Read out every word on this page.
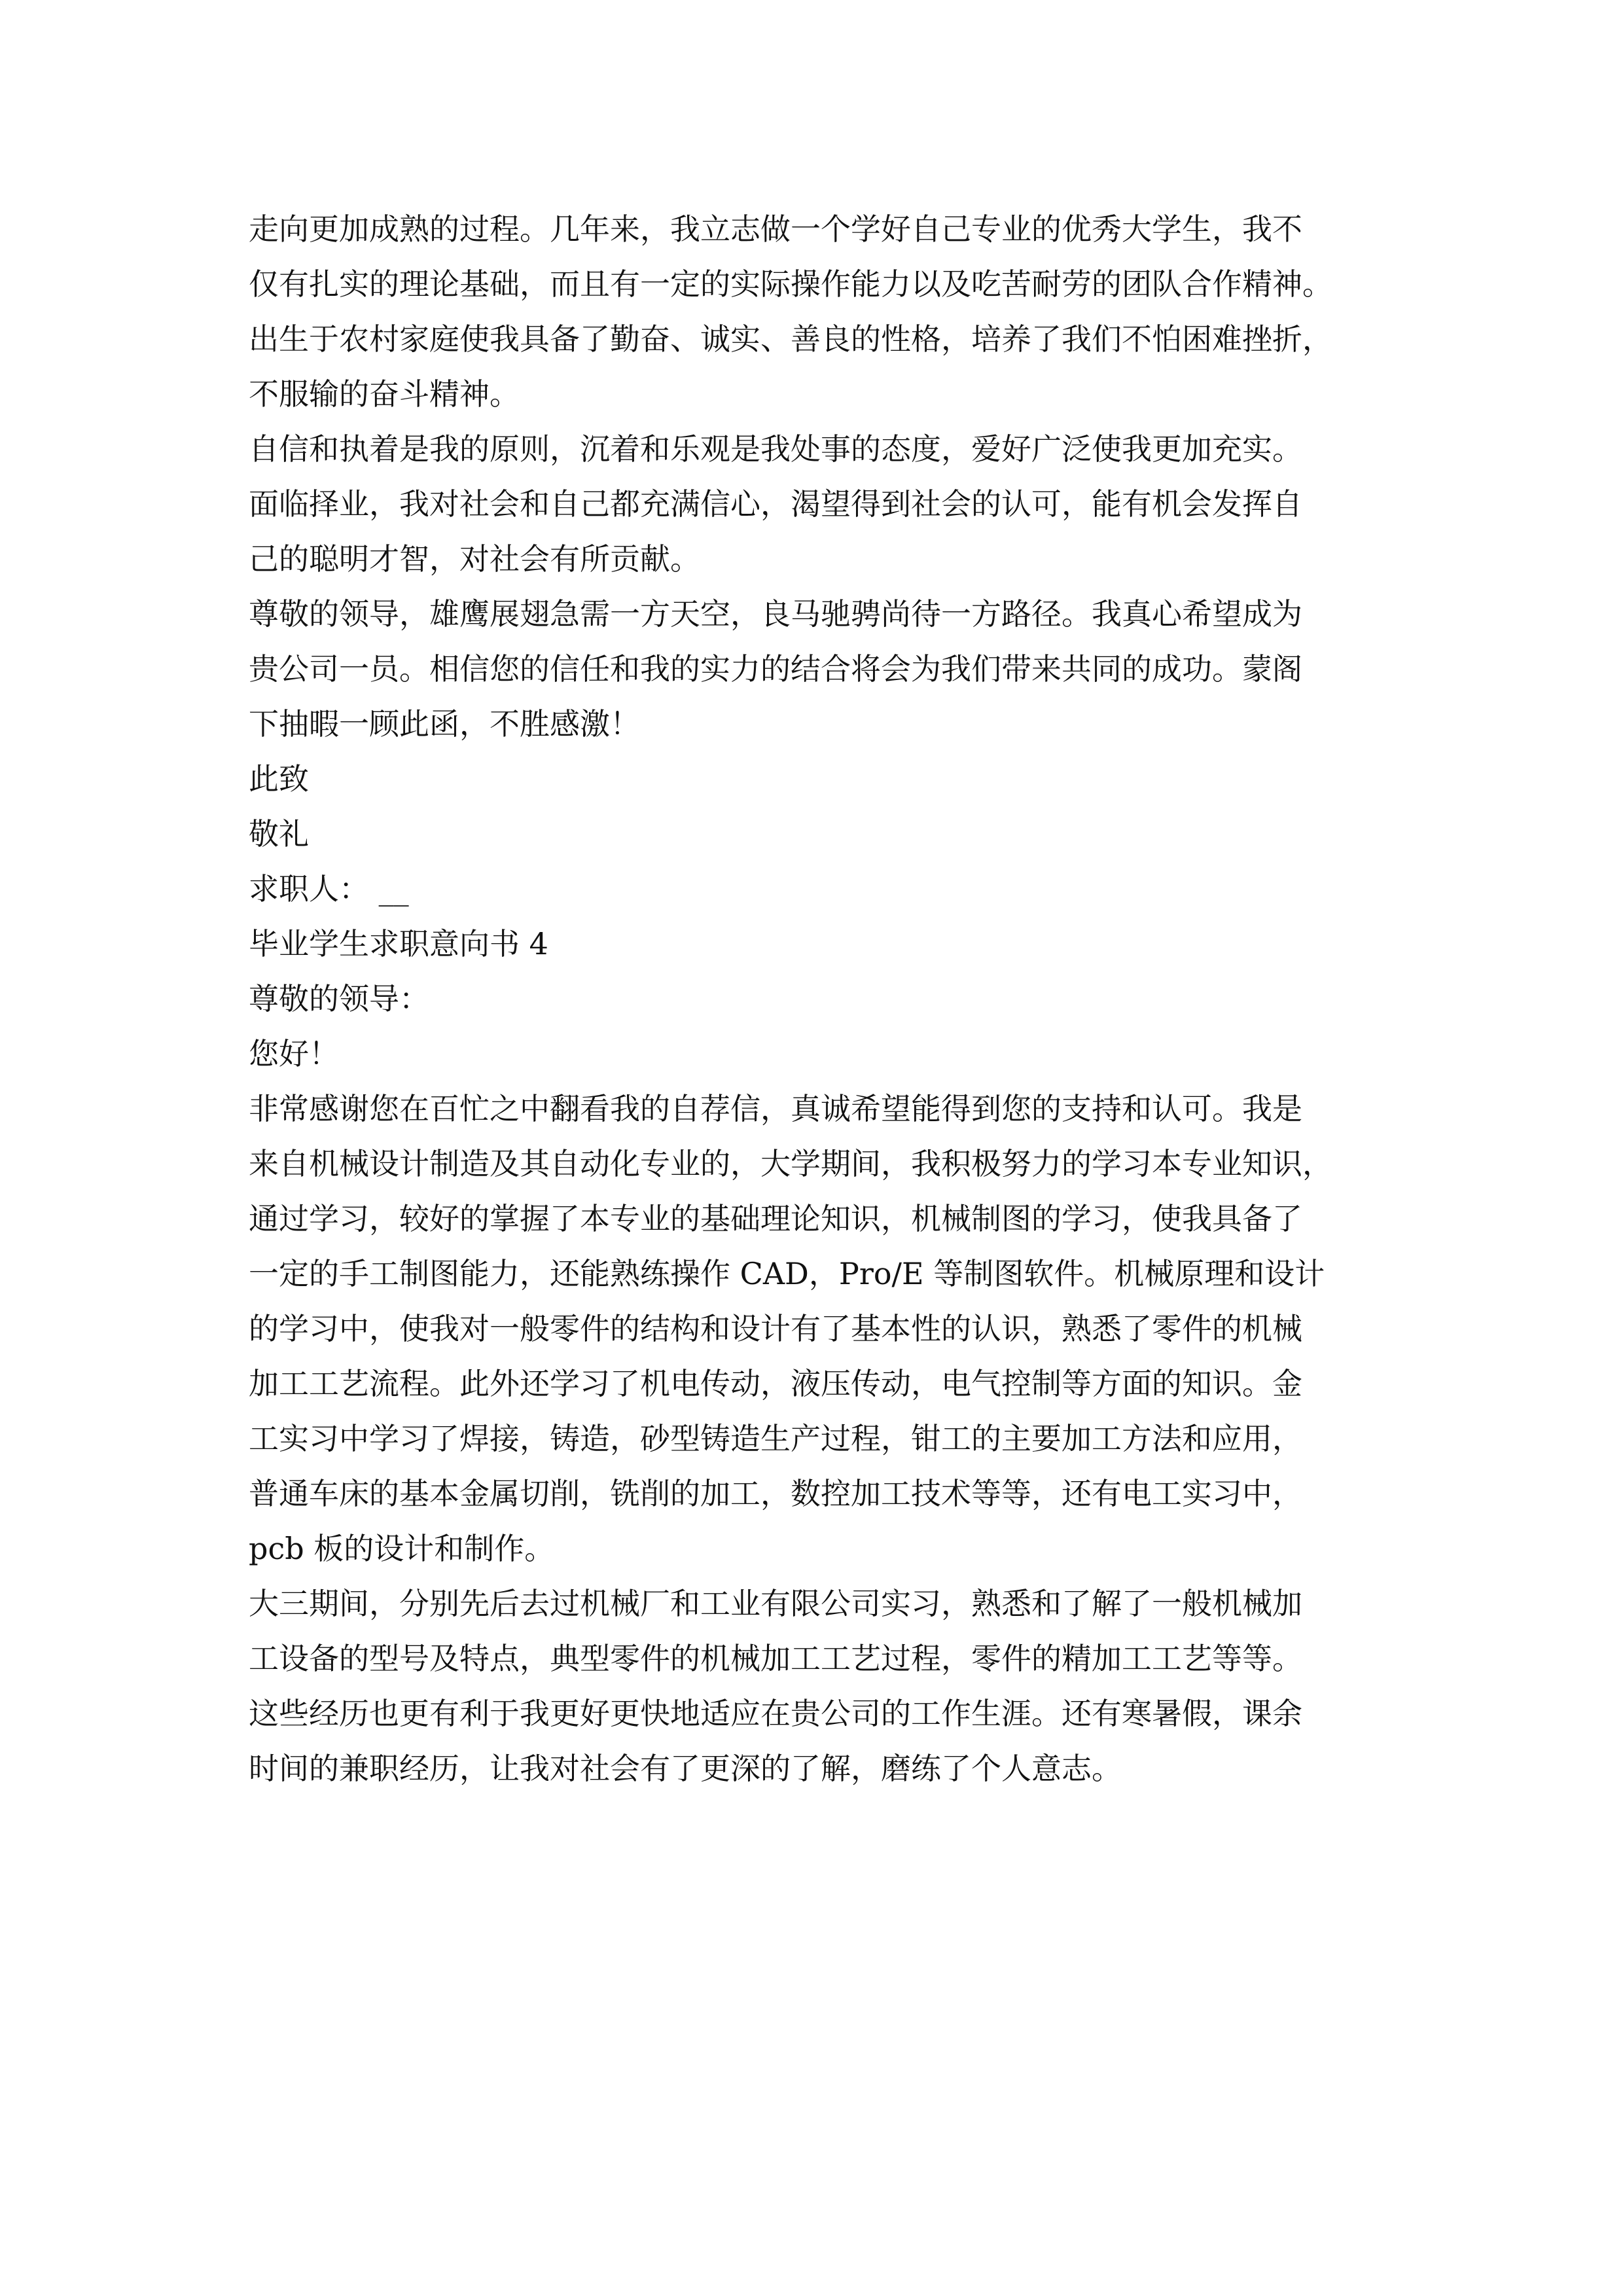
走向更加成熟的过程。几年来，我立志做一个学好自己专业的优秀大学生，我不
仅有扎实的理论基础，而且有一定的实际操作能力以及吃苦耐劳的团队合作精神。
出生于农村家庭使我具备了勤奋、诚实、善良的性格，培养了我们不怕困难挫折，
不服输的奋斗精神。
自信和执着是我的原则，沉着和乐观是我处事的态度，爱好广泛使我更加充实。
面临择业，我对社会和自己都充满信心，渴望得到社会的认可，能有机会发挥自
己的聪明才智，对社会有所贡献。
尊敬的领导，雄鹰展翅急需一方天空，良马驰骋尚待一方路径。我真心希望成为
贵公司一员。相信您的信任和我的实力的结合将会为我们带来共同的成功。蒙阁
下抽暇一顾此函，不胜感激！
此致
敬礼
求职人： __
毕业学生求职意向书 4
尊敬的领导：
您好！
非常感谢您在百忙之中翻看我的自荐信，真诚希望能得到您的支持和认可。我是
来自机械设计制造及其自动化专业的，大学期间，我积极努力的学习本专业知识，
通过学习，较好的掌握了本专业的基础理论知识，机械制图的学习，使我具备了
一定的手工制图能力，还能熟练操作 CAD，Pro/E 等制图软件。机械原理和设计
的学习中，使我对一般零件的结构和设计有了基本性的认识，熟悉了零件的机械
加工工艺流程。此外还学习了机电传动，液压传动，电气控制等方面的知识。金
工实习中学习了焊接，铸造，砂型铸造生产过程，钳工的主要加工方法和应用，
普通车床的基本金属切削，铣削的加工，数控加工技术等等，还有电工实习中，
pcb 板的设计和制作。
大三期间，分别先后去过机械厂和工业有限公司实习，熟悉和了解了一般机械加
工设备的型号及特点，典型零件的机械加工工艺过程，零件的精加工工艺等等。
这些经历也更有利于我更好更快地适应在贵公司的工作生涯。还有寒暑假，课余
时间的兼职经历，让我对社会有了更深的了解，磨练了个人意志。
